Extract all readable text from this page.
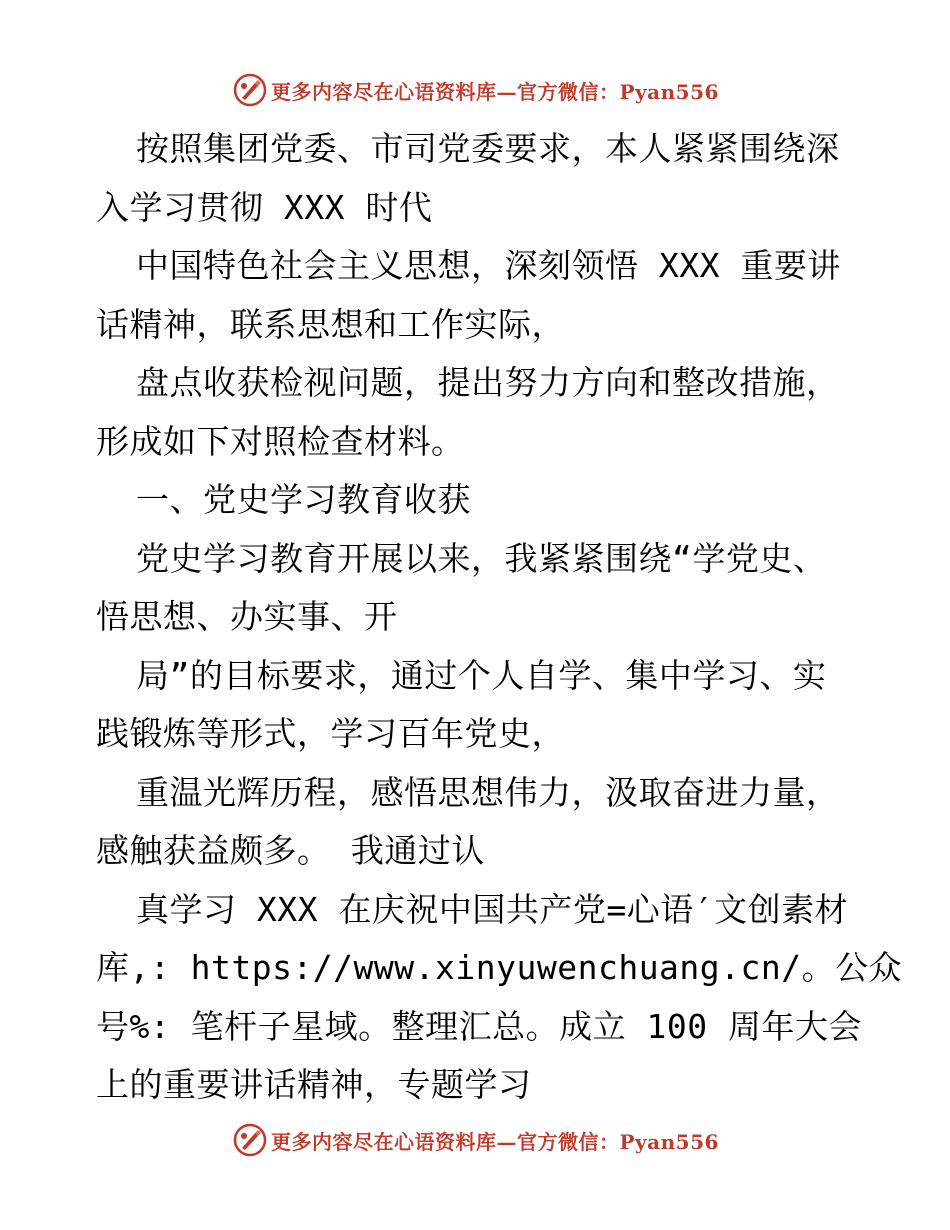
更多内容尽在心语资料库—官方微信：Pyan556
按照集团党委、市司党委要求，本人紧紧围绕深
入学习贯彻 XXX 时代
中国特色社会主义思想，深刻领悟 XXX 重要讲
话精神，联系思想和工作实际，
盘点收获检视问题，提出努力方向和整改措施，
形成如下对照检查材料。
一、党史学习教育收获
党史学习教育开展以来，我紧紧围绕“学党史、
悟思想、办实事、开
局”的目标要求，通过个人自学、集中学习、实
践锻炼等形式，学习百年党史，
重温光辉历程，感悟思想伟力，汲取奋进力量，
感触获益颇多。 我通过认
真学习 XXX 在庆祝中国共产党=心语′文创素材
库,: https://www.xinyuwenchuang.cn/。公众
号%: 笔杆子星域。整理汇总。成立 100 周年大会
上的重要讲话精神，专题学习
更多内容尽在心语资料库—官方微信：Pyan556
